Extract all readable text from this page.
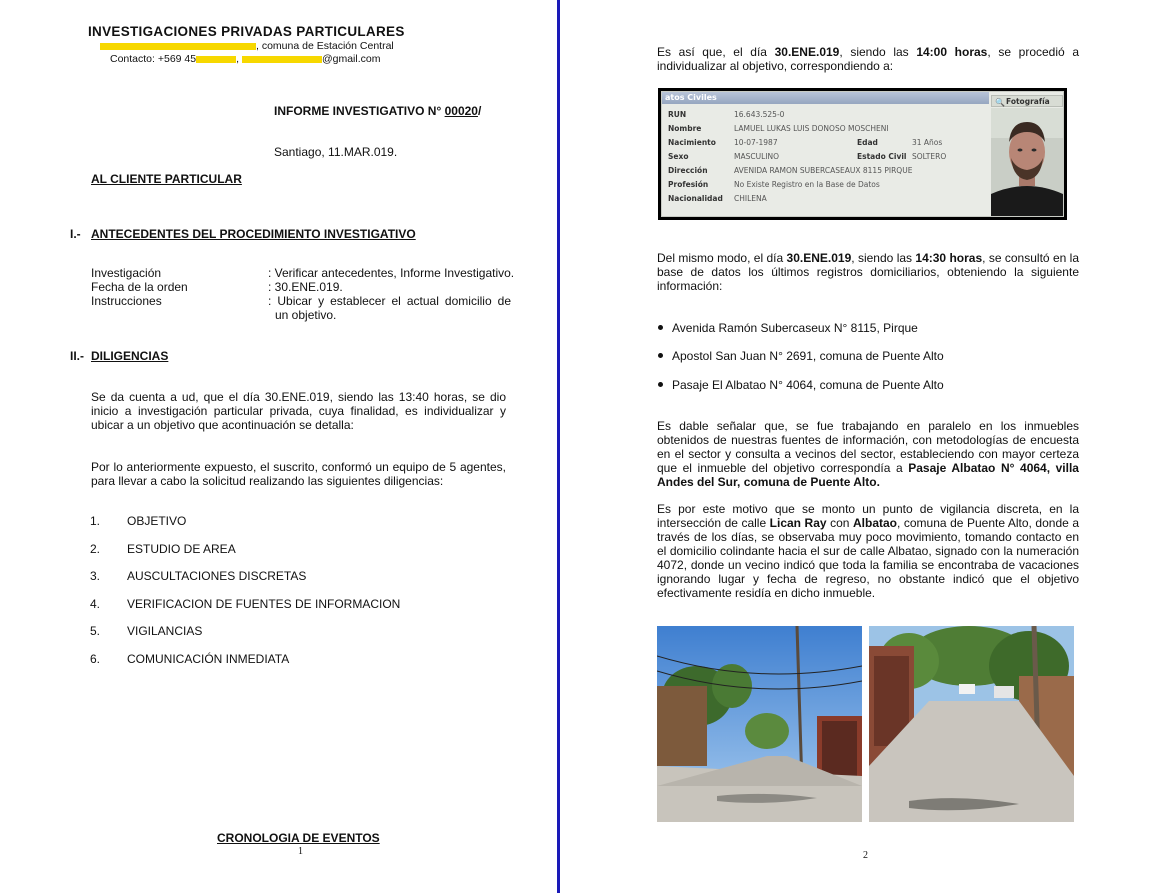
INVESTIGACIONES PRIVADAS PARTICULARES
, comuna de Estación Central
Contacto: +569 45	,	@gmail.com
INFORME INVESTIGATIVO N° 00020/
Santiago, 11.MAR.019.
AL CLIENTE PARTICULAR
I.- ANTECEDENTES DEL PROCEDIMIENTO INVESTIGATIVO
Investigación	: Verificar antecedentes, Informe Investigativo.
Fecha de la orden	: 30.ENE.019.
Instrucciones	: Ubicar y establecer el actual domicilio de
un objetivo.
II.- DILIGENCIAS
Se da cuenta a ud, que el día 30.ENE.019, siendo las 13:40 horas, se dio
inicio a investigación particular privada, cuya finalidad, es individualizar y
ubicar a un objetivo que acontinuación se detalla:
Por lo anteriormente expuesto, el suscrito, conformó un equipo de 5 agentes,
para llevar a cabo la solicitud realizando las siguientes diligencias:
1. OBJETIVO
2. ESTUDIO DE AREA
3. AUSCULTACIONES DISCRETAS
4. VERIFICACION DE FUENTES DE INFORMACION
5. VIGILANCIAS
6. COMUNICACIÓN INMEDIATA
CRONOLOGIA DE EVENTOS
1
Es así que, el día 30.ENE.019, siendo las 14:00 horas, se procedió a
individualizar al objetivo, correspondiendo a:
atos Civiles
RUN	16.643.525-0
Nombre	LAMUEL LUKAS LUIS DONOSO MOSCHENI
Nacimiento 10-07-1987	Edad	31 Años
Sexo	MASCULINO	Estado Civil SOLTERO
Dirección	AVENIDA RAMON SUBERCASEAUX 8115 PIRQUE
Profesión	No Existe Registro en la Base de Datos
Nacionalidad CHILENA
🔍 Fotografía
Del mismo modo, el día 30.ENE.019, siendo las 14:30 horas, se consultó en la
base de datos los últimos registros domiciliarios, obteniendo la siguiente
información:
Avenida Ramón Subercaseux N° 8115, Pirque
Apostol San Juan N° 2691, comuna de Puente Alto
Pasaje El Albatao N° 4064, comuna de Puente Alto
Es dable señalar que, se fue trabajando en paralelo en los inmuebles
obtenidos de nuestras fuentes de información, con metodologías de encuesta
en el sector y consulta a vecinos del sector, estableciendo con mayor certeza
que el inmueble del objetivo correspondía a Pasaje Albatao N° 4064, villa
Andes del Sur, comuna de Puente Alto.
Es por este motivo que se monto un punto de vigilancia discreta, en la
intersección de calle Lican Ray con Albatao, comuna de Puente Alto, donde a
través de los días, se observaba muy poco movimiento, tomando contacto en
el domicilio colindante hacia el sur de calle Albatao, signado con la numeración
4072, donde un vecino indicó que toda la familia se encontraba de vacaciones
ignorando lugar y fecha de regreso, no obstante indicó que el objetivo
efectivamente residía en dicho inmueble.
2
